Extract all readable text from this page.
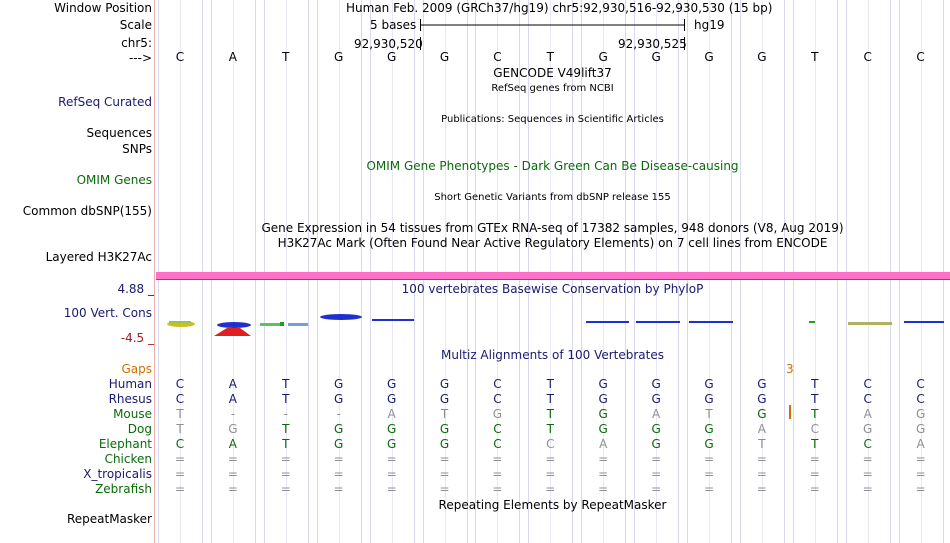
Window Position
Scale
chr5:
--->
Human Feb. 2009 (GRCh37/hg19) chr5:92,930,516-92,930,530 (15 bp)
5 bases	hg19
92,930,520	92,930,525
C	A	T	G	G	G	C	T	G	G	G	G	T	C	C
GENCODE V49lift37
RefSeq genes from NCBI
RefSeq Curated
Publications: Sequences in Scientific Articles
Sequences
SNPs
OMIM Gene Phenotypes - Dark Green Can Be Disease-causing
OMIM Genes
Short Genetic Variants from dbSNP release 155
Common dbSNP(155)
Gene Expression in 54 tissues from GTEx RNA-seq of 17382 samples, 948 donors (V8, Aug 2019)
H3K27Ac Mark (Often Found Near Active Regulatory Elements) on 7 cell lines from ENCODE
Layered H3K27Ac
4.88 _	100 vertebrates Basewise Conservation by PhyloP
100 Vert. Cons
-4.5 _
Multiz Alignments of 100 Vertebrates
Gaps	3
Human	C	A	T	G	G	G	C	T	G	G	G	G	T	C	C
Rhesus	C	A	T	G	G	G	C	T	G	G	G	G	T	C	C
Mouse	T	-	-	-	A	T	G	T	G	A	T	G	T	A	G
Dog	T	G	T	G	G	G	C	T	G	G	G	A	C	G	G
Elephant	C	A	T	G	G	G	C	C	A	G	G	T	T	C	A
Chicken	=	=	=	=	=	=	=	=	=	=	=	=	=	=	=
X_tropicalis	=	=	=	=	=	=	=	=	=	=	=	=	=	=	=
Zebrafish	=	=	=	=	=	=	=	=	=	=	=	=	=	=	=
Repeating Elements by RepeatMasker
RepeatMasker
